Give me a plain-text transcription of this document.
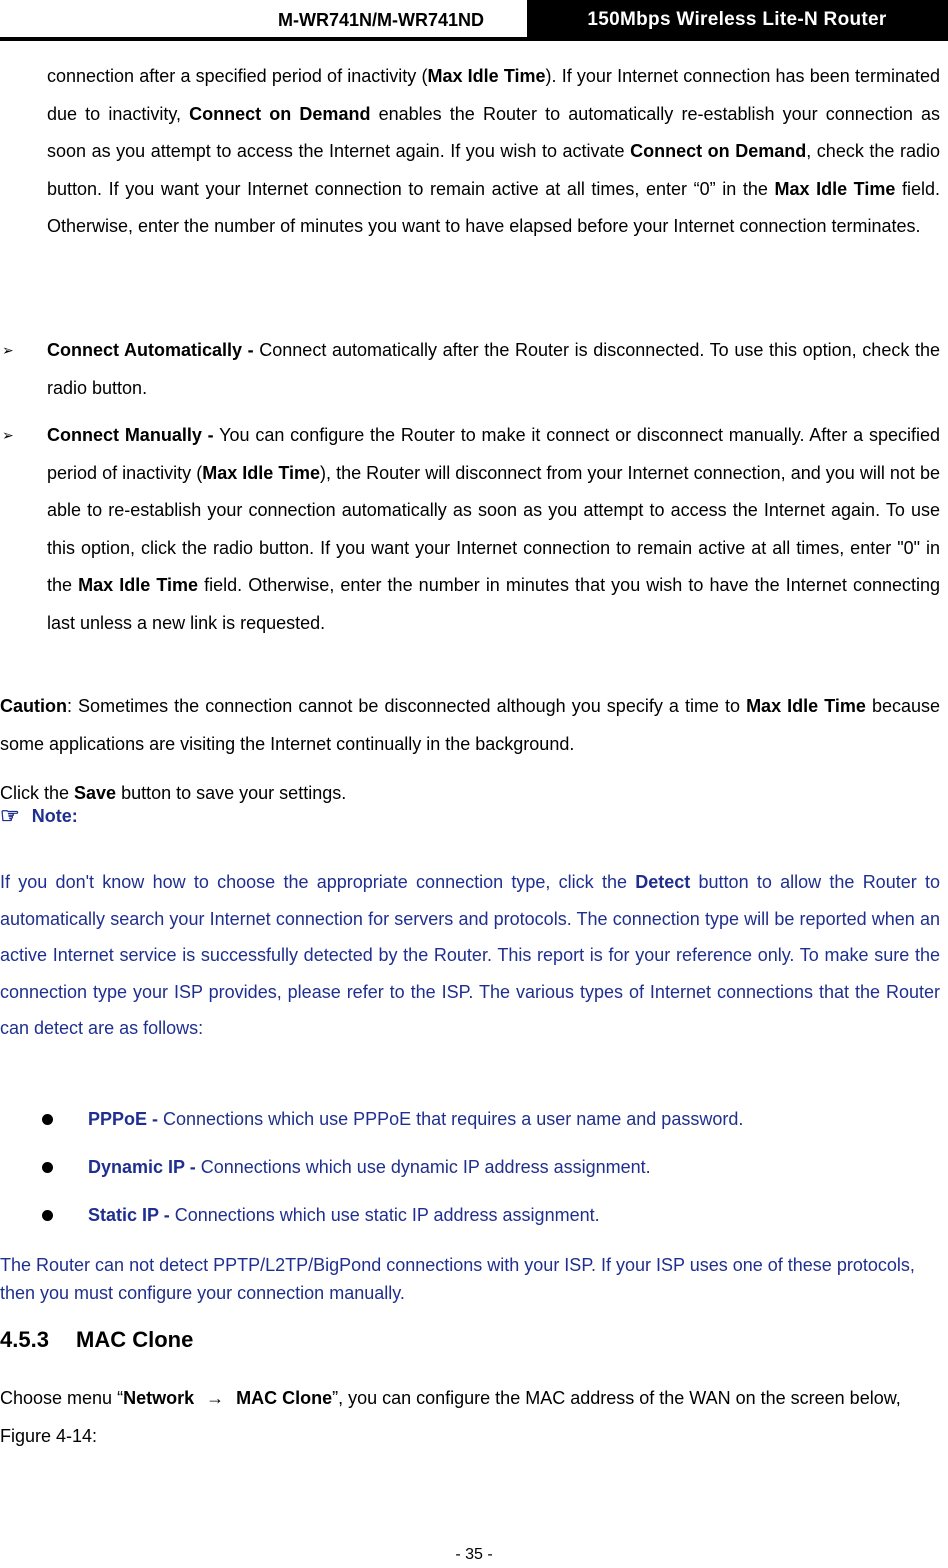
M-WR741N/M-WR741ND	150Mbps Wireless Lite-N Router
connection after a specified period of inactivity (Max Idle Time). If your Internet connection has been terminated due to inactivity, Connect on Demand enables the Router to automatically re-establish your connection as soon as you attempt to access the Internet again. If you wish to activate Connect on Demand, check the radio button. If you want your Internet connection to remain active at all times, enter “0” in the Max Idle Time field. Otherwise, enter the number of minutes you want to have elapsed before your Internet connection terminates.
➢ Connect Automatically - Connect automatically after the Router is disconnected. To use this option, check the radio button.
➢ Connect Manually - You can configure the Router to make it connect or disconnect manually. After a specified period of inactivity (Max Idle Time), the Router will disconnect from your Internet connection, and you will not be able to re-establish your connection automatically as soon as you attempt to access the Internet again. To use this option, click the radio button. If you want your Internet connection to remain active at all times, enter "0" in the Max Idle Time field. Otherwise, enter the number in minutes that you wish to have the Internet connecting last unless a new link is requested.
Caution: Sometimes the connection cannot be disconnected although you specify a time to Max Idle Time because some applications are visiting the Internet continually in the background.
Click the Save button to save your settings.
☞ Note:
If you don't know how to choose the appropriate connection type, click the Detect button to allow the Router to automatically search your Internet connection for servers and protocols. The connection type will be reported when an active Internet service is successfully detected by the Router. This report is for your reference only. To make sure the connection type your ISP provides, please refer to the ISP. The various types of Internet connections that the Router can detect are as follows:
PPPoE - Connections which use PPPoE that requires a user name and password.
Dynamic IP - Connections which use dynamic IP address assignment.
Static IP - Connections which use static IP address assignment.
The Router can not detect PPTP/L2TP/BigPond connections with your ISP. If your ISP uses one of these protocols, then you must configure your connection manually.
4.5.3 MAC Clone
Choose menu “Network → MAC Clone”, you can configure the MAC address of the WAN on the screen below, Figure 4-14:
- 35 -
